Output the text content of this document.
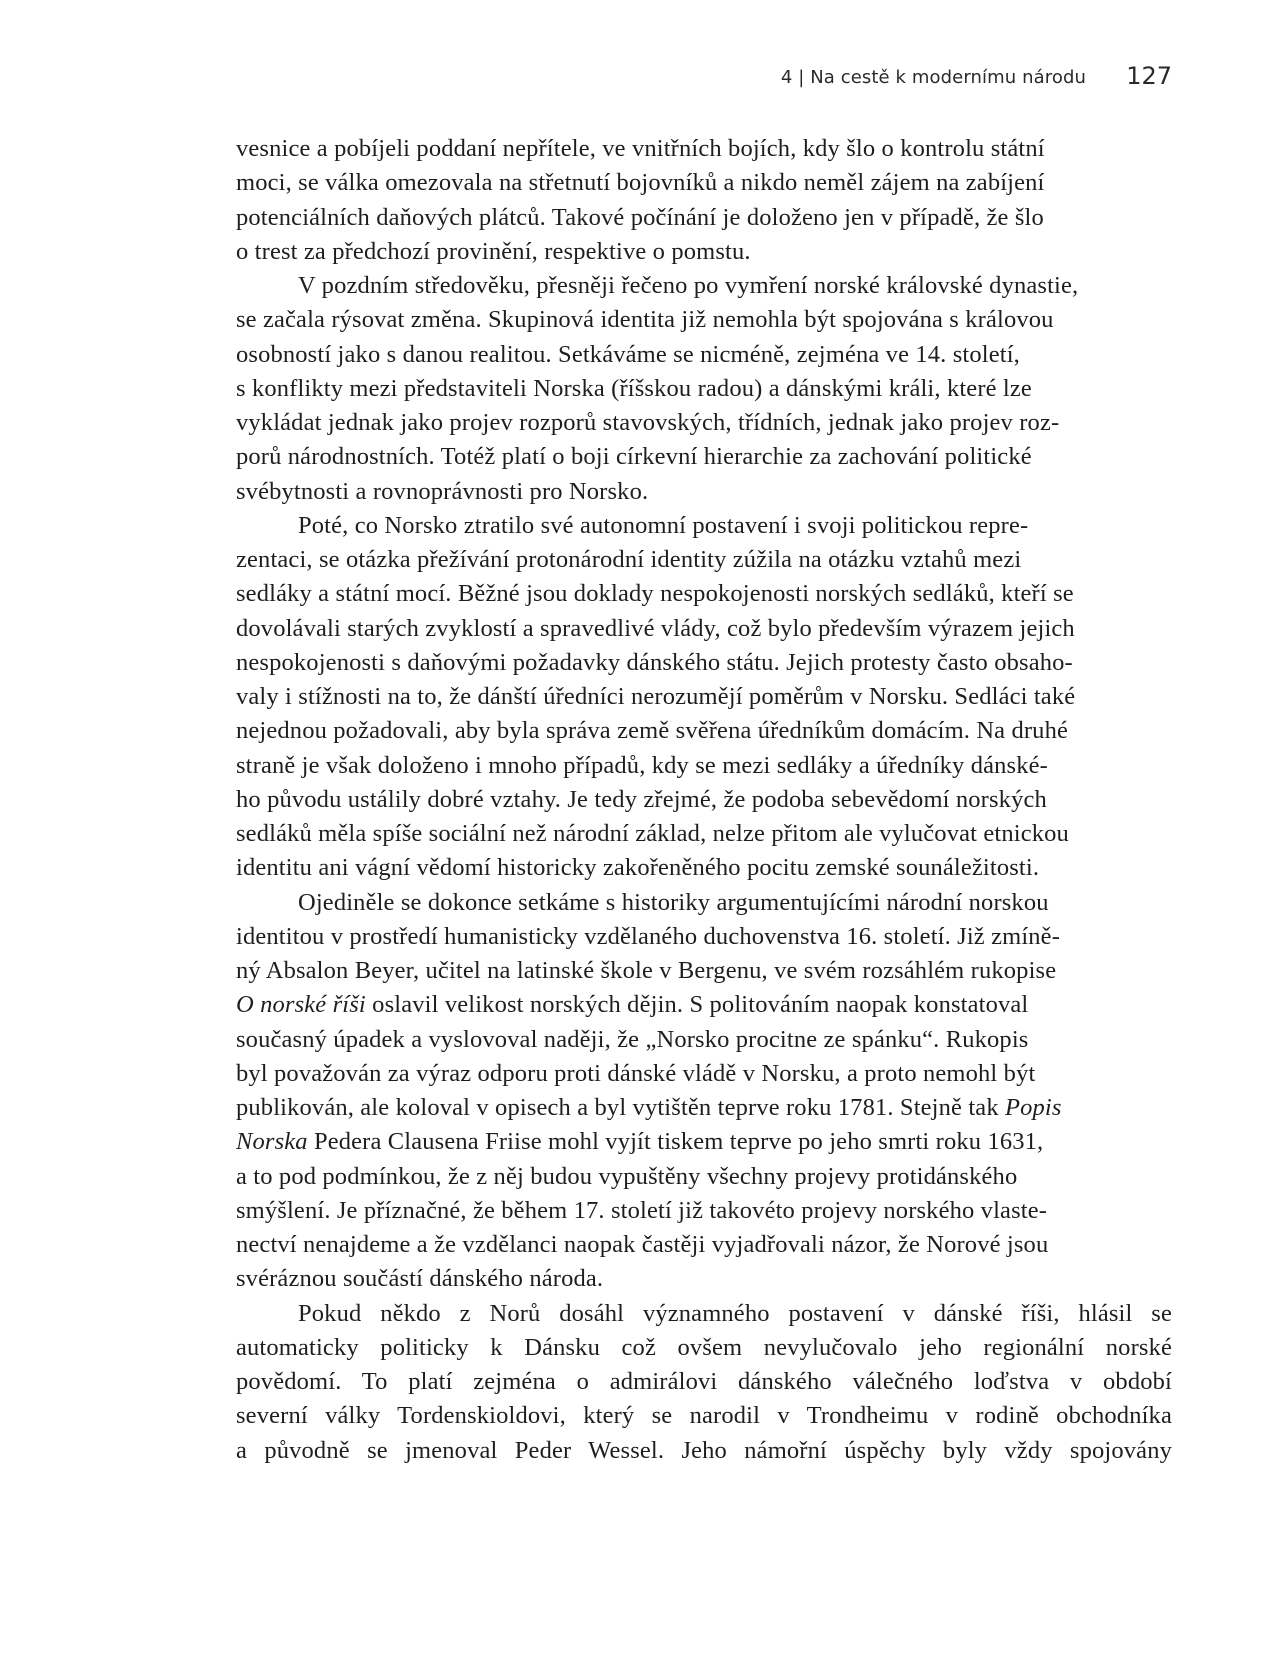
4 | Na cestě k modernímu národu 127

vesnice a pobíjeli poddaní nepřítele, ve vnitřních bojích, kdy šlo o kontrolu státní
moci, se válka omezovala na střetnutí bojovníků a nikdo neměl zájem na zabíjení
potenciálních daňových plátců. Takové počínání je doloženo jen v případě, že šlo
o trest za předchozí provinění, respektive o pomstu.

V pozdním středověku, přesněji řečeno po vymření norské královské dynastie,
se začala rýsovat změna. Skupinová identita již nemohla být spojována s královou
osobností jako s danou realitou. Setkáváme se nicméně, zejména ve 14. století,
s konflikty mezi představiteli Norska (říšskou radou) a dánskými králi, které lze
vykládat jednak jako projev rozporů stavovských, třídních, jednak jako projev roz-
porů národnostních. Totéž platí o boji církevní hierarchie za zachování politické
svébytnosti a rovnoprávnosti pro Norsko.

Poté, co Norsko ztratilo své autonomní postavení i svoji politickou repre-
zentaci, se otázka přežívání protonárodní identity zúžila na otázku vztahů mezi
sedláky a státní mocí. Běžné jsou doklady nespokojenosti norských sedláků, kteří se
dovolávali starých zvyklostí a spravedlivé vlády, což bylo především výrazem jejich
nespokojenosti s daňovými požadavky dánského státu. Jejich protesty často obsaho-
valy i stížnosti na to, že dánští úředníci nerozumějí poměrům v Norsku. Sedláci také
nejednou požadovali, aby byla správa země svěřena úředníkům domácím. Na druhé
straně je však doloženo i mnoho případů, kdy se mezi sedláky a úředníky dánské-
ho původu ustálily dobré vztahy. Je tedy zřejmé, že podoba sebevědomí norských
sedláků měla spíše sociální než národní základ, nelze přitom ale vylučovat etnickou
identitu ani vágní vědomí historicky zakořeněného pocitu zemské sounáležitosti.

Ojediněle se dokonce setkáme s historiky argumentujícími národní norskou
identitou v prostředí humanisticky vzdělaného duchovenstva 16. století. Již zmíně-
ný Absalon Beyer, učitel na latinské škole v Bergenu, ve svém rozsáhlém rukopise
O norské říši oslavil velikost norských dějin. S politováním naopak konstatoval
současný úpadek a vyslovoval naději, že „Norsko procitne ze spánku“. Rukopis
byl považován za výraz odporu proti dánské vládě v Norsku, a proto nemohl být
publikován, ale koloval v opisech a byl vytištěn teprve roku 1781. Stejně tak Popis
Norska Pedera Clausena Friise mohl vyjít tiskem teprve po jeho smrti roku 1631,
a to pod podmínkou, že z něj budou vypuštěny všechny projevy protidánského
smýšlení. Je příznačné, že během 17. století již takovéto projevy norského vlaste-
nectví nenajdeme a že vzdělanci naopak častěji vyjadřovali názor, že Norové jsou
svéráznou součástí dánského národa.

Pokud někdo z Norů dosáhl významného postavení v dánské říši, hlásil se
automaticky politicky k Dánsku což ovšem nevylučovalo jeho regionální norské
povědomí. To platí zejména o admirálovi dánského válečného loďstva v období
severní války Tordenskioldovi, který se narodil v Trondheimu v rodině obchodníka
a původně se jmenoval Peder Wessel. Jeho námořní úspěchy byly vždy spojovány
